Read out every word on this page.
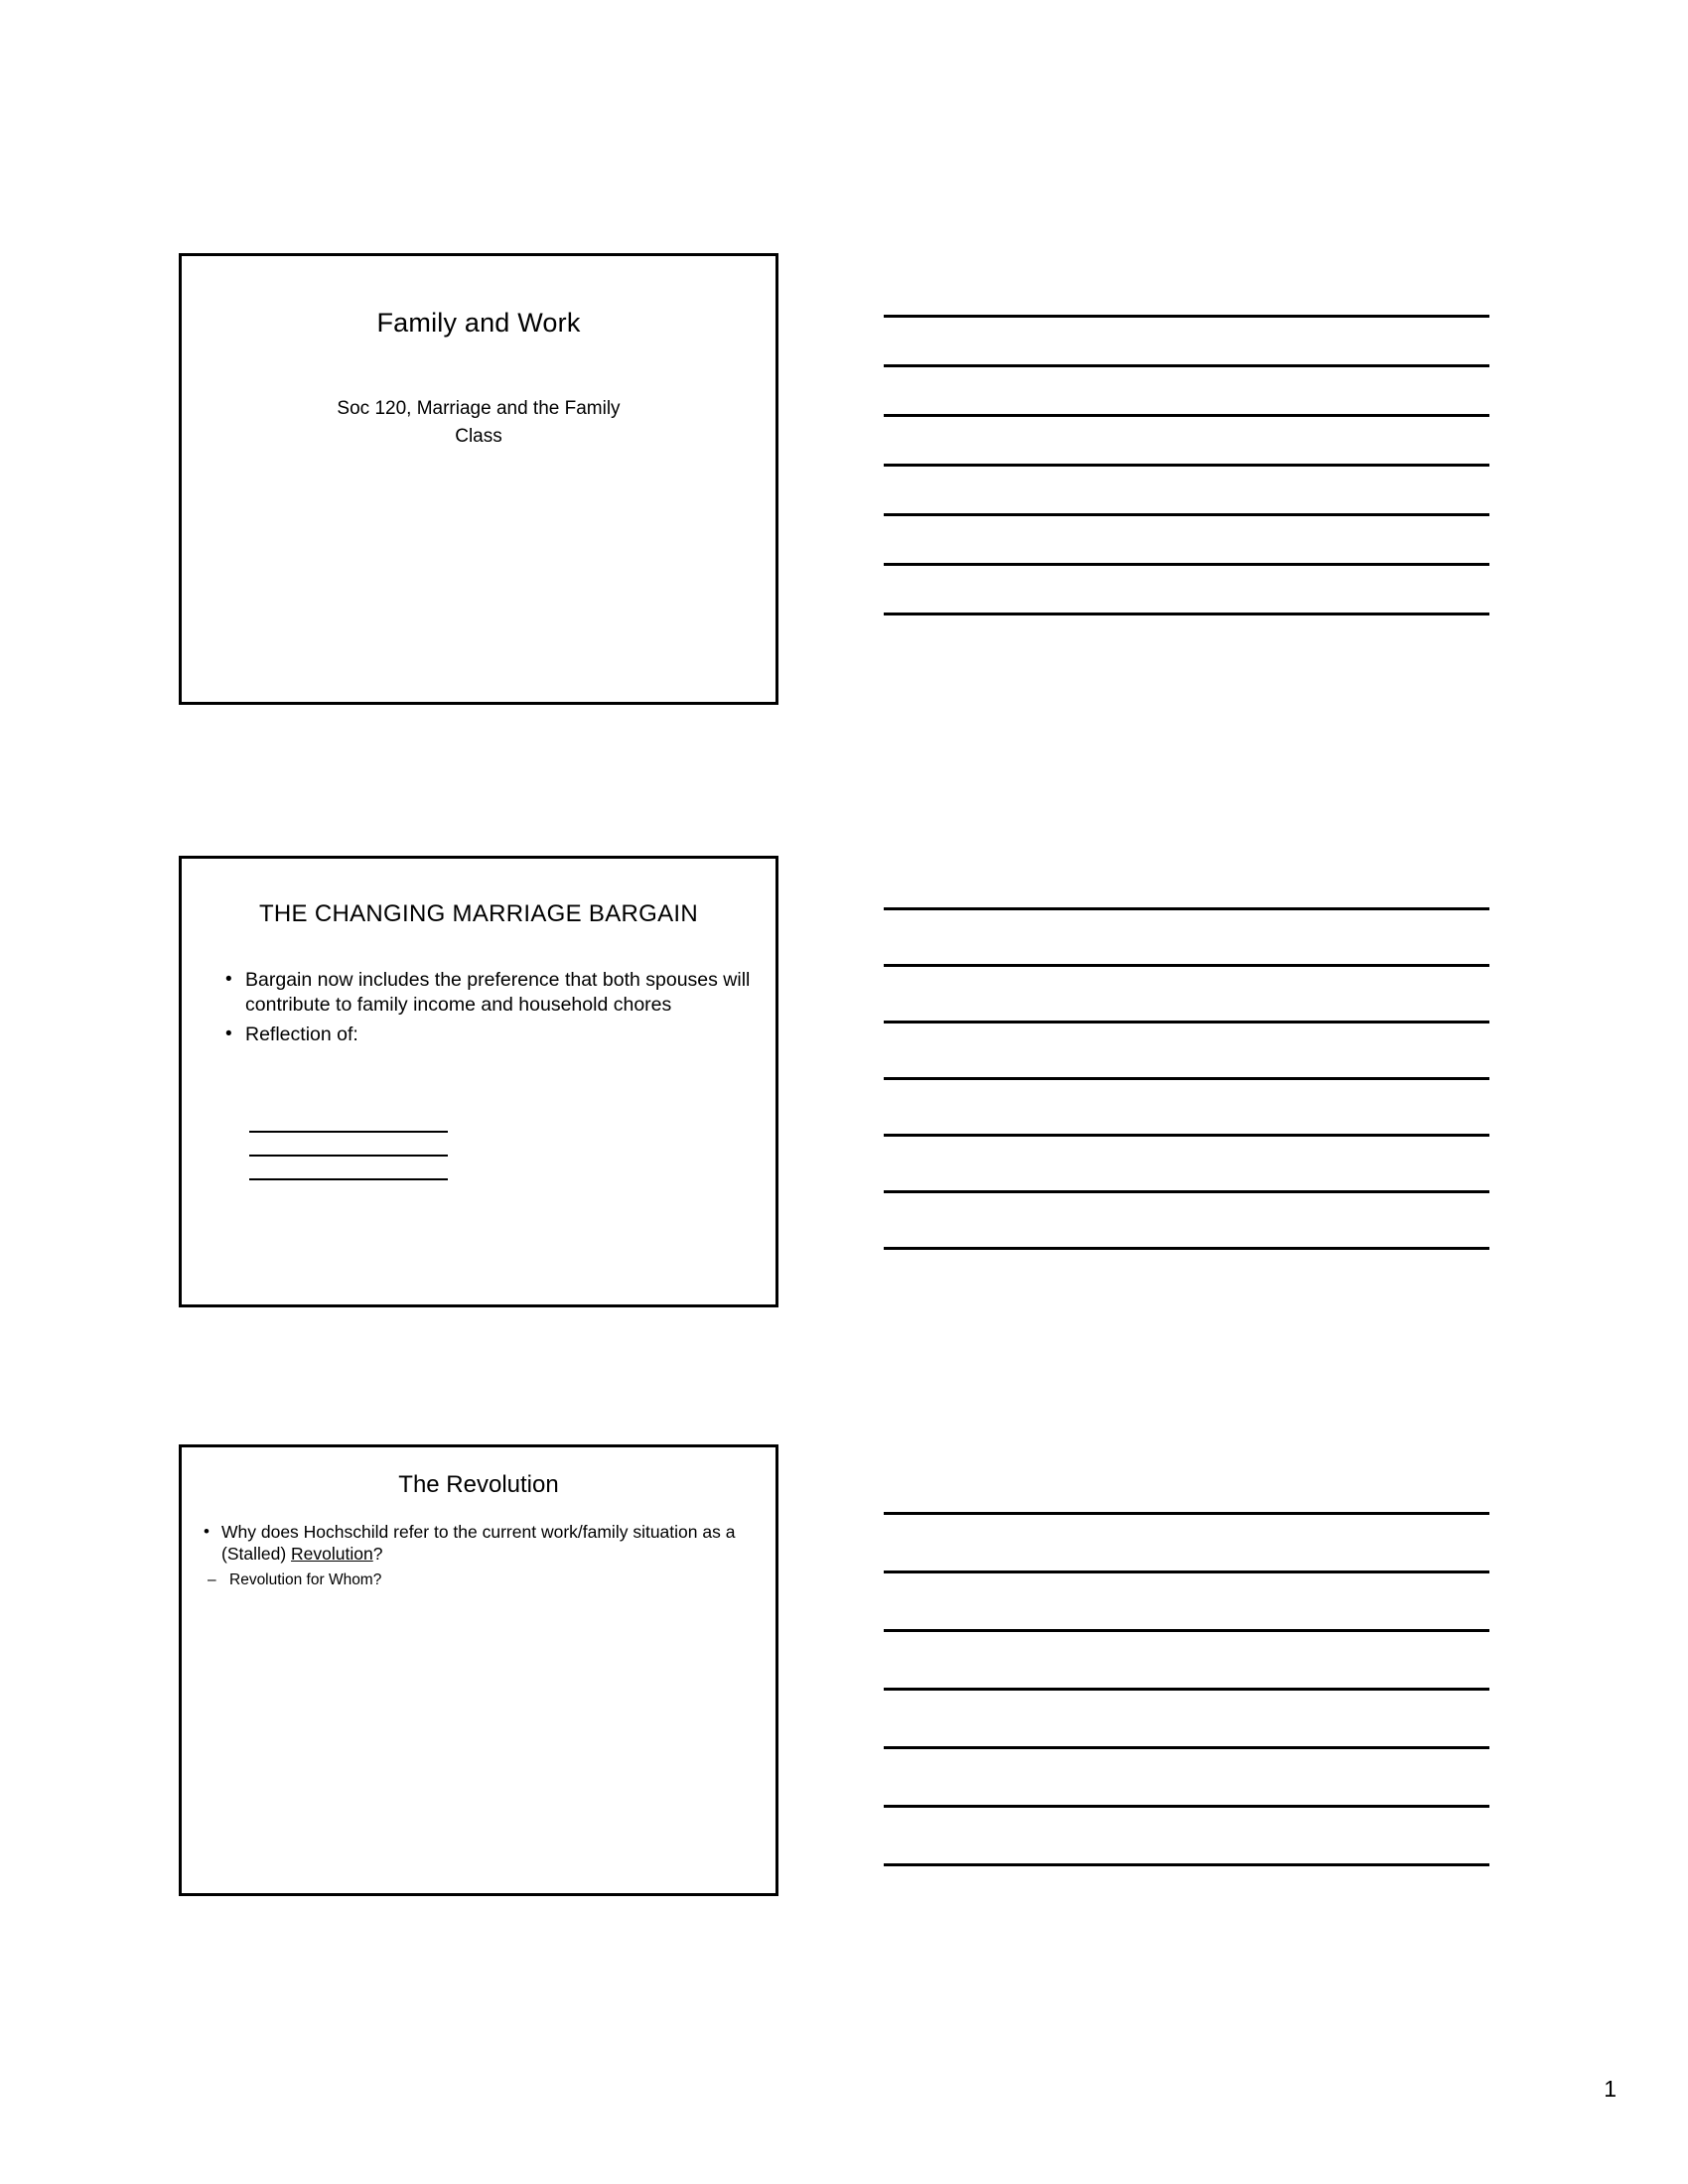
Family and Work
Soc 120, Marriage and the Family
Class
THE CHANGING MARRIAGE BARGAIN
• Bargain now includes the preference that both spouses will contribute to family income and household chores
• Reflection of:
The Revolution
• Why does Hochschild refer to the current work/family situation as a (Stalled) Revolution?
– Revolution for Whom?
1
